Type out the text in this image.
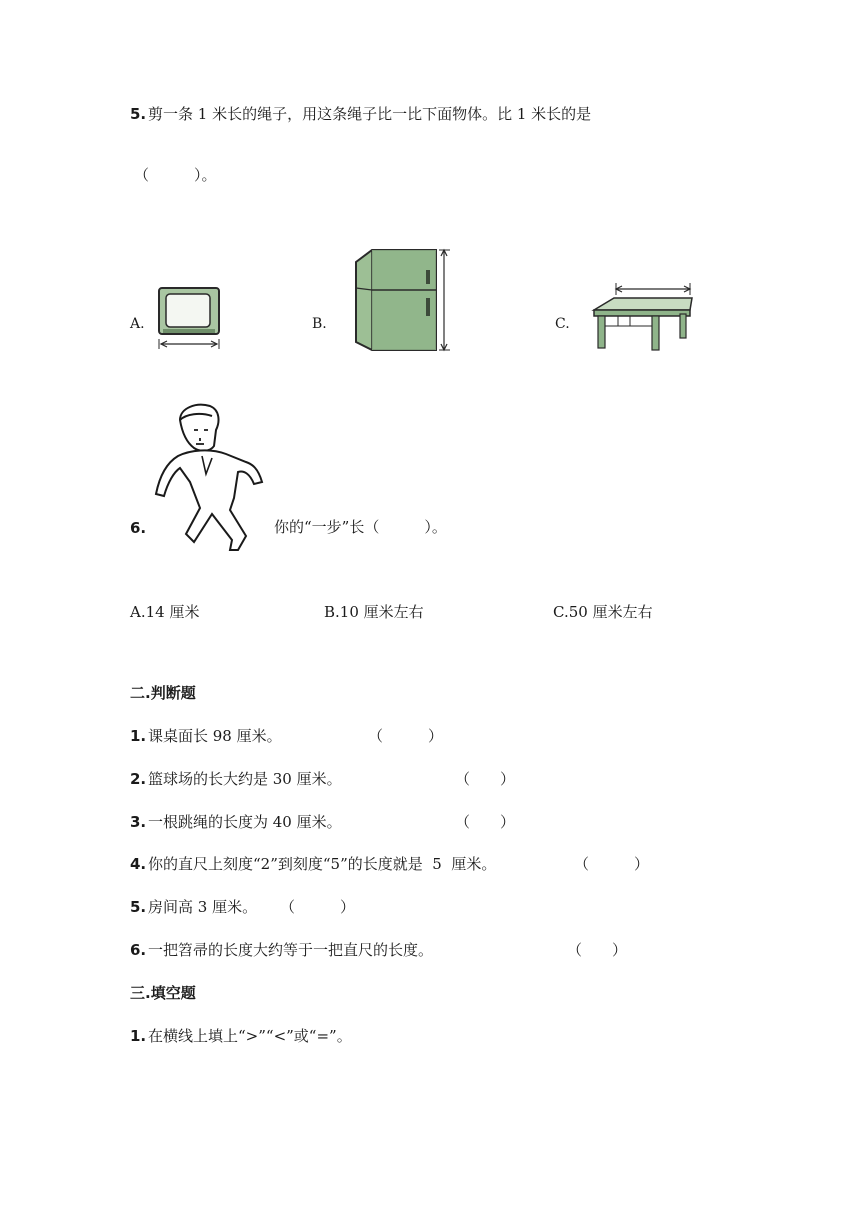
5. 剪一条 1 米长的绳子，用这条绳子比一比下面物体。比 1 米长的是
（　　　）。
A.	B.	C.
6.	你的“一步”长（　　　）。
A.14 厘米	B.10 厘米左右	C.50 厘米左右
二.判断题
1. 课桌面长 98 厘米。	（　　　）
2. 篮球场的长大约是 30 厘米。	（　　）
3. 一根跳绳的长度为 40 厘米。	（　　）
4. 你的直尺上刻度“2”到刻度“5”的长度就是  5  厘米。	（　　　）
5. 房间高 3 厘米。 （　　　）
6. 一把笤帚的长度大约等于一把直尺的长度。	（　　）
三.填空题
1. 在横线上填上“>”“<”或“=”。
